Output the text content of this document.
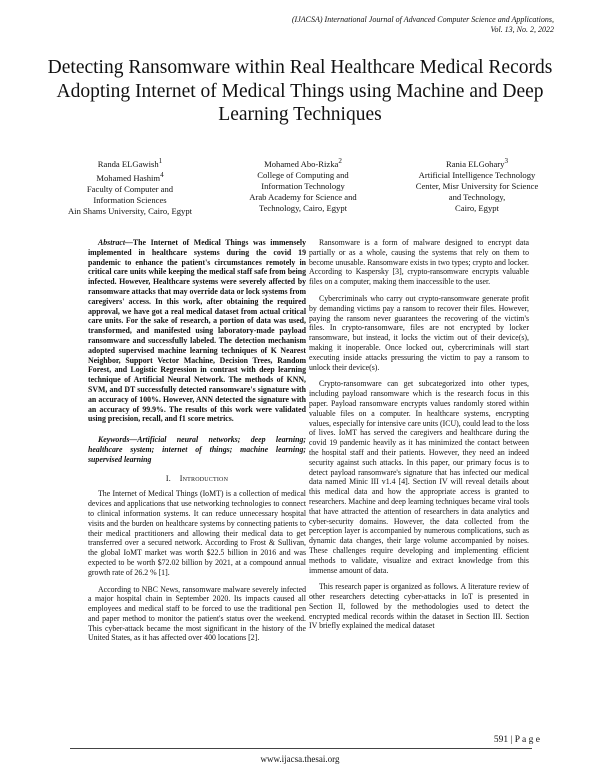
(IJACSA) International Journal of Advanced Computer Science and Applications,
Vol. 13, No. 2, 2022
Detecting Ransomware within Real Healthcare Medical Records Adopting Internet of Medical Things using Machine and Deep Learning Techniques
Randa ELGawish$^1$
Mohamed Hashim$^4$
Faculty of Computer and
Information Sciences
Ain Shams University, Cairo, Egypt
Mohamed Abo-Rizka$^2$
College of Computing and
Information Technology
Arab Academy for Science and
Technology, Cairo, Egypt
Rania ELGohary$^3$
Artificial Intelligence Technology
Center, Misr University for Science
and Technology,
Cairo, Egypt

Abstract—The Internet of Medical Things was immensely implemented in healthcare systems during the covid 19 pandemic to enhance the patient's circumstances remotely in critical care units while keeping the medical staff safe from being infected. However, Healthcare systems were severely affected by ransomware attacks that may override data or lock systems from caregivers' access. In this work, after obtaining the required approval, we have got a real medical dataset from actual critical care units. For the sake of research, a portion of data was used, transformed, and manifested using laboratory-made payload ransomware and successfully labeled. The detection mechanism adopted supervised machine learning techniques of K Nearest Neighbor, Support Vector Machine, Decision Trees, Random Forest, and Logistic Regression in contrast with deep learning technique of Artificial Neural Network. The methods of KNN, SVM, and DT successfully detected ransomware's signature with an accuracy of 100%. However, ANN detected the signature with an accuracy of 99.9%. The results of this work were validated using precision, recall, and f1 score metrics.

Keywords—Artificial neural networks; deep learning; healthcare system; internet of things; machine learning; supervised learning

I. Introduction

The Internet of Medical Things (IoMT) is a collection of medical devices and applications that use networking technologies to connect to clinical information systems. It can reduce unnecessary hospital visits and the burden on healthcare systems by connecting patients to their medical practitioners and allowing their medical data to get transferred over a secured network. According to Frost & Sullivan, the global IoMT market was worth $22.5 billion in 2016 and was expected to be worth $72.02 billion by 2021, at a compound annual growth rate of 26.2 % [1].

According to NBC News, ransomware malware severely infected a major hospital chain in September 2020. Its impacts caused all employees and medical staff to be forced to use the traditional pen and paper method to monitor the patient's status over the weekend. This cyber-attack became the most significant in the history of the United States, as it has affected over 400 locations [2].

Ransomware is a form of malware designed to encrypt data partially or as a whole, causing the systems that rely on them to become unusable. Ransomware exists in two types; crypto and locker. According to Kaspersky [3], crypto-ransomware encrypts valuable files on a computer, making them inaccessible to the user.

Cybercriminals who carry out crypto-ransomware generate profit by demanding victims pay a ransom to recover their files. However, paying the ransom never guarantees the recovering of the victim's files. In crypto-ransomware, files are not encrypted by locker ransomware, but instead, it locks the victim out of their device(s), making it inoperable. Once locked out, cybercriminals will start executing inside attacks pressuring the victim to pay a ransom to unlock their device(s).

Crypto-ransomware can get subcategorized into other types, including payload ransomware which is the research focus in this paper. Payload ransomware encrypts values randomly stored within valuable files on a computer. In healthcare systems, encrypting values, especially for intensive care units (ICU), could lead to the loss of lives. IoMT has served the caregivers and healthcare during the covid 19 pandemic heavily as it has minimized the contact between the hospital staff and their patients. However, they need an indeed security against such attacks. In this paper, our primary focus is to detect payload ransomware's signature that has infected our medical data named Minic III v1.4 [4]. Section IV will reveal details about this medical data and how the appropriate access is granted to researchers. Machine and deep learning techniques became viral tools that have attracted the attention of researchers in data analytics and cyber-security domains. However, the data collected from the perception layer is accompanied by numerous complications, such as dynamic data changes, their large volume accompanied by noises. These challenges require developing and implementing efficient methods to validate, visualize and extract knowledge from this immense amount of data.

This research paper is organized as follows. A literature review of other researchers detecting cyber-attacks in IoT is presented in Section II, followed by the methodologies used to detect the encrypted medical records within the dataset in Section III. Section IV briefly explained the medical dataset

591 | P a g e
www.ijacsa.thesai.org
